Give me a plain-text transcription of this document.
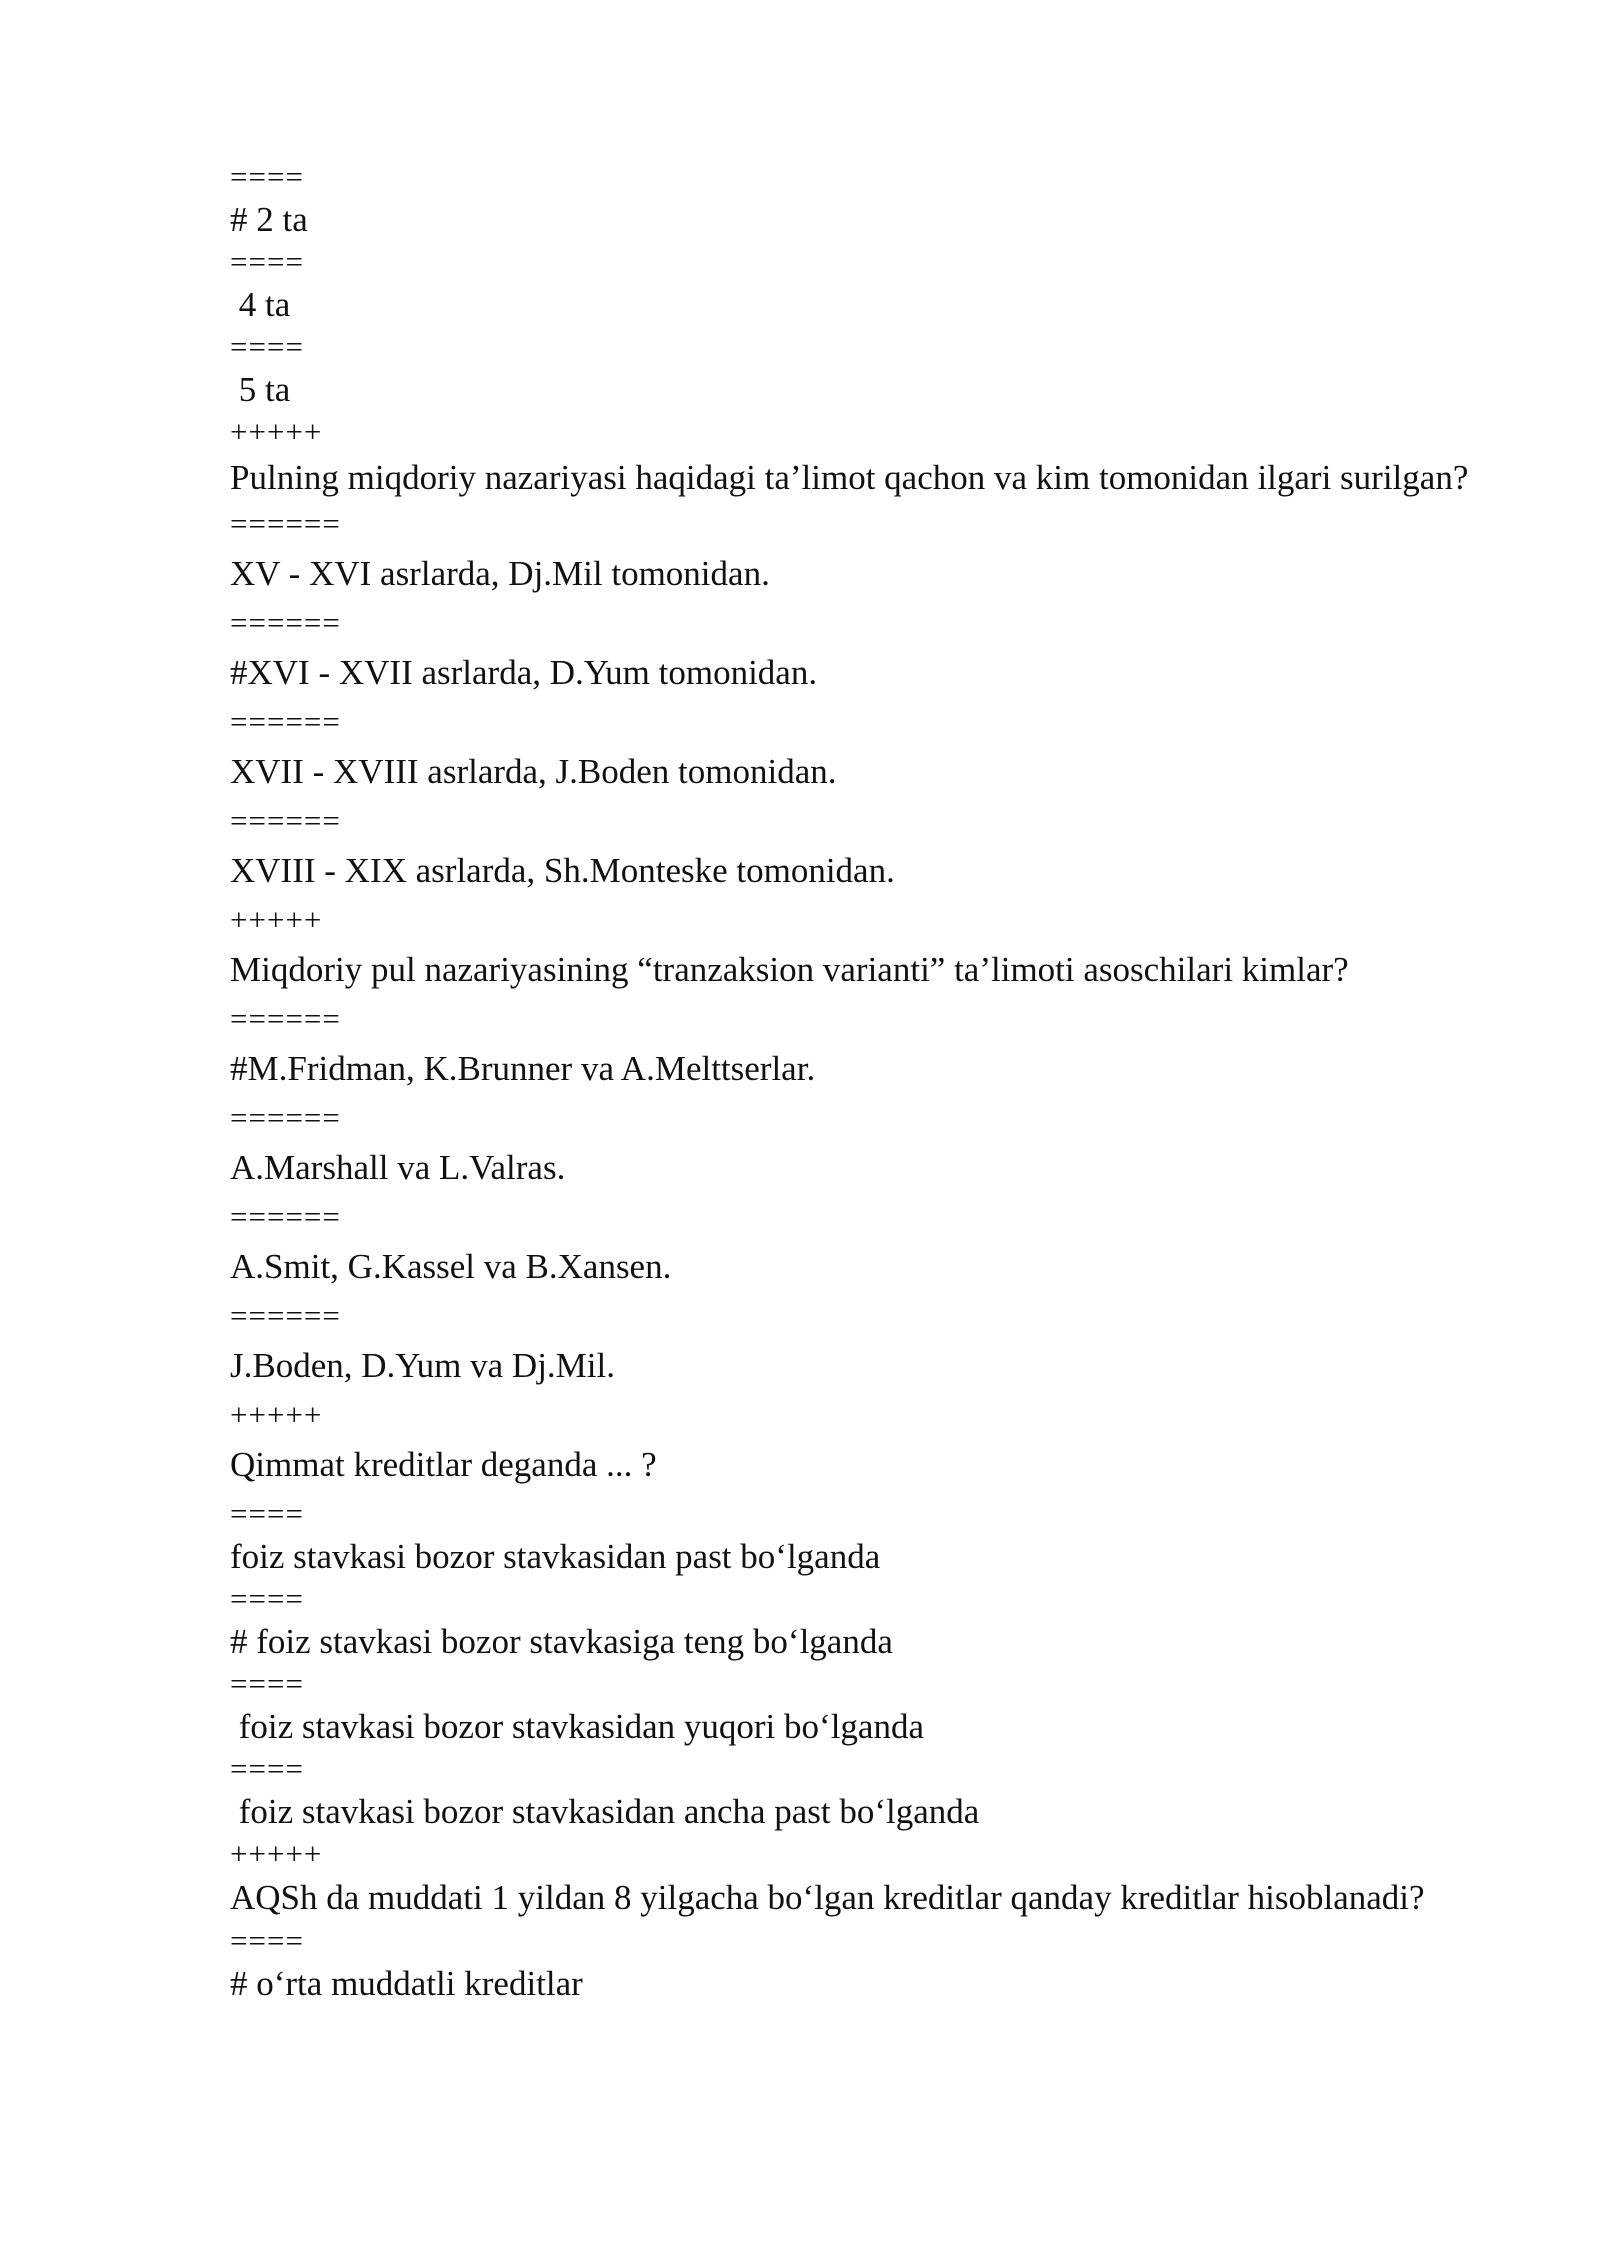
====
# 2 ta
====
4 ta
====
5 ta
+++++
Pulning miqdoriy nazariyasi haqidagi ta’limot qachon va kim tomonidan ilgari surilgan?
======
XV - XVI asrlarda, Dj.Mil tomonidan.
======
#XVI - XVII asrlarda, D.Yum tomonidan.
======
XVII - XVIII asrlarda, J.Boden tomonidan.
======
XVIII - XIX asrlarda, Sh.Monteske tomonidan.
+++++
Miqdoriy pul nazariyasining “tranzaksion varianti” ta’limoti asoschilari kimlar?
======
#M.Fridman, K.Brunner va A.Melttserlar.
======
A.Marshall va L.Valras.
======
A.Smit, G.Kassel va B.Xansen.
======
J.Boden, D.Yum va Dj.Mil.
+++++
Qimmat kreditlar deganda ... ?
====
foiz stavkasi bozor stavkasidan past bo‘lganda
====
# foiz stavkasi bozor stavkasiga teng bo‘lganda
====
foiz stavkasi bozor stavkasidan yuqori bo‘lganda
====
foiz stavkasi bozor stavkasidan ancha past bo‘lganda
+++++
AQSh da muddati 1 yildan 8 yilgacha bo‘lgan kreditlar qanday kreditlar hisoblanadi?
====
# o‘rta muddatli kreditlar
